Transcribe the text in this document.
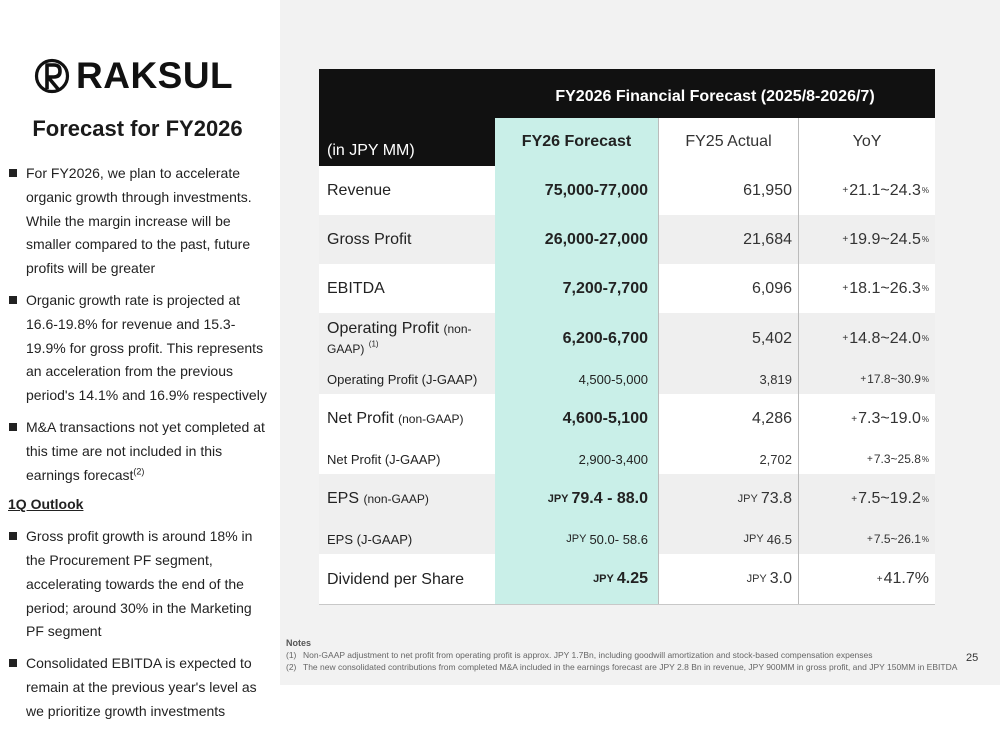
RAKSUL
Forecast for FY2026
For FY2026, we plan to accelerate organic growth through investments. While the margin increase will be smaller compared to the past, future profits will be greater
Organic growth rate is projected at 16.6-19.8% for revenue and 15.3-19.9% for gross profit. This represents an acceleration from the previous period's 14.1% and 16.9% respectively
M&A transactions not yet completed at this time are not included in this earnings forecast$^{(2)}$
1Q Outlook
Gross profit growth is around 18% in the Procurement PF segment, accelerating towards the end of the period; around 30% in the Marketing PF segment
Consolidated EBITDA is expected to remain at the previous year's level as we prioritize growth investments
FY2026 Financial Forecast (2025/8-2026/7)
(in JPY MM)
FY26 Forecast	FY25 Actual	YoY
Revenue	75,000-77,000	61,950	+ 21.1~24.3 %
Gross Profit	26,000-27,000	21,684	+ 19.9~24.5 %
EBITDA	7,200-7,700	6,096	+ 18.1~26.3 %
Operating Profit (non-
GAAP) $^{(1)}$	6,200-6,700	5,402	+ 14.8~24.0 %
Operating Profit (J-GAAP)	4,500-5,000	3,819	+ 17.8~30.9 %
Net Profit (non-GAAP)	4,600-5,100	4,286	+ 7.3~19.0 %
Net Profit (J-GAAP)	2,900-3,400	2,702	+ 7.3~25.8 %
EPS (non-GAAP)	JPY 79.4 - 88.0	JPY 73.8	+ 7.5~19.2 %
EPS (J-GAAP)	JPY 50.0- 58.6	JPY 46.5	+ 7.5~26.1 %
Dividend per Share	JPY 4.25	JPY 3.0	+ 41.7%
Notes
(1) Non-GAAP adjustment to net profit from operating profit is approx. JPY 1.7Bn, including goodwill amortization and stock-based compensation expenses
(2) The new consolidated contributions from completed M&A included in the earnings forecast are JPY 2.8 Bn in revenue, JPY 900MM in gross profit, and JPY 150MM in EBITDA
25
